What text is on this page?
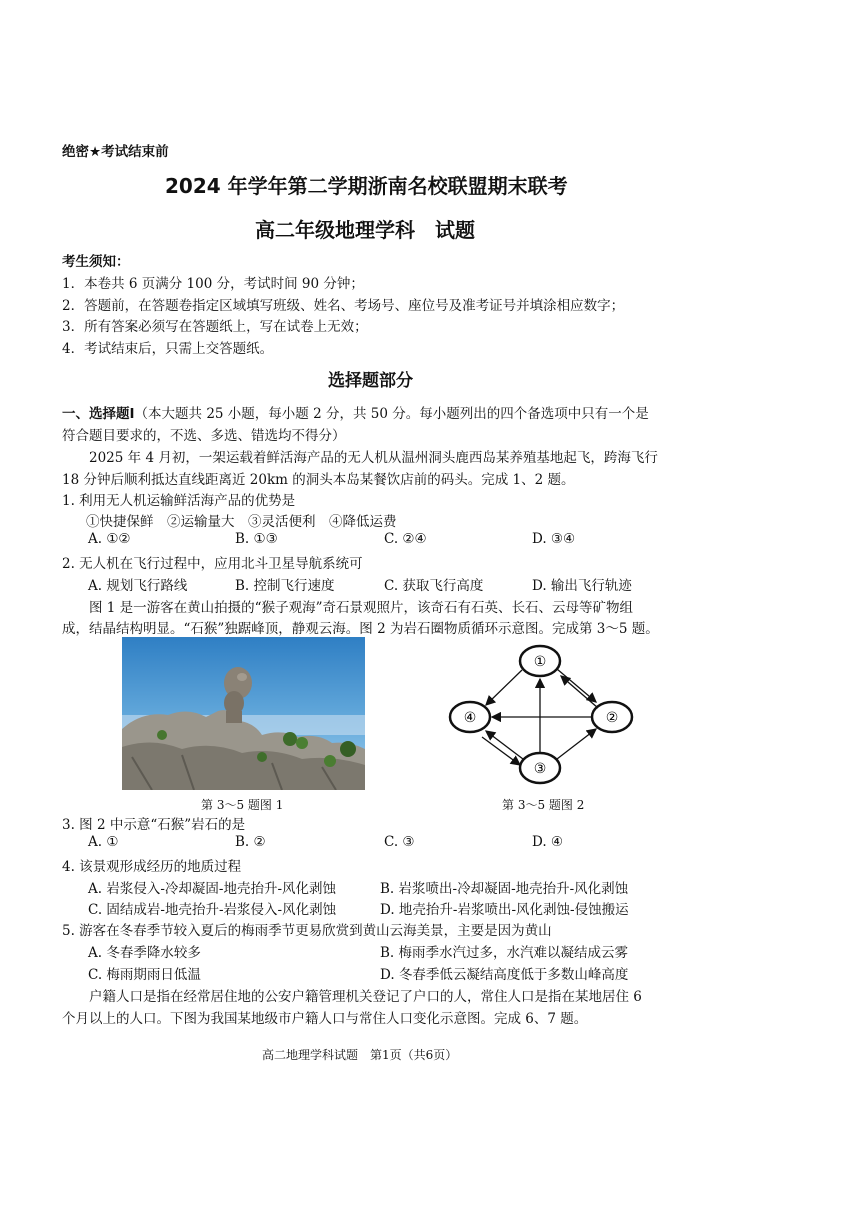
绝密★考试结束前
2024 年学年第二学期浙南名校联盟期末联考
高二年级地理学科　试题
考生须知：
1．本卷共 6 页满分 100 分，考试时间 90 分钟；
2．答题前，在答题卷指定区域填写班级、姓名、考场号、座位号及准考证号并填涂相应数字；
3．所有答案必须写在答题纸上，写在试卷上无效；
4．考试结束后，只需上交答题纸。
选择题部分
一、选择题Ⅰ（本大题共 25 小题，每小题 2 分，共 50 分。每小题列出的四个备选项中只有一个是
符合题目要求的，不选、多选、错选均不得分）
2025 年 4 月初，一架运载着鲜活海产品的无人机从温州洞头鹿西岛某养殖基地起飞，跨海飞行
18 分钟后顺利抵达直线距离近 20km 的洞头本岛某餐饮店前的码头。完成 1、2 题。
1. 利用无人机运输鲜活海产品的优势是
①快捷保鲜　②运输量大　③灵活便利　④降低运费
A. ①②	B. ①③	C. ②④	D. ③④
2. 无人机在飞行过程中，应用北斗卫星导航系统可
A. 规划飞行路线	B. 控制飞行速度	C. 获取飞行高度	D. 输出飞行轨迹
图 1 是一游客在黄山拍摄的“猴子观海”奇石景观照片，该奇石有石英、长石、云母等矿物组
成，结晶结构明显。“石猴”独踞峰顶，静观云海。图 2 为岩石圈物质循环示意图。完成第 3～5 题。
第 3～5 题图 1
①
②
③
④
第 3～5 题图 2
3. 图 2 中示意“石猴”岩石的是
A. ①	B. ②	C. ③	D. ④
4. 该景观形成经历的地质过程
A. 岩浆侵入-冷却凝固-地壳抬升-风化剥蚀	B. 岩浆喷出-冷却凝固-地壳抬升-风化剥蚀
C. 固结成岩-地壳抬升-岩浆侵入-风化剥蚀	D. 地壳抬升-岩浆喷出-风化剥蚀-侵蚀搬运
5. 游客在冬春季节较入夏后的梅雨季节更易欣赏到黄山云海美景，主要是因为黄山
A. 冬春季降水较多	B. 梅雨季水汽过多，水汽难以凝结成云雾
C. 梅雨期雨日低温	D. 冬春季低云凝结高度低于多数山峰高度
户籍人口是指在经常居住地的公安户籍管理机关登记了户口的人，常住人口是指在某地居住 6
个月以上的人口。下图为我国某地级市户籍人口与常住人口变化示意图。完成 6、7 题。
高二地理学科试题　第1页（共6页）
